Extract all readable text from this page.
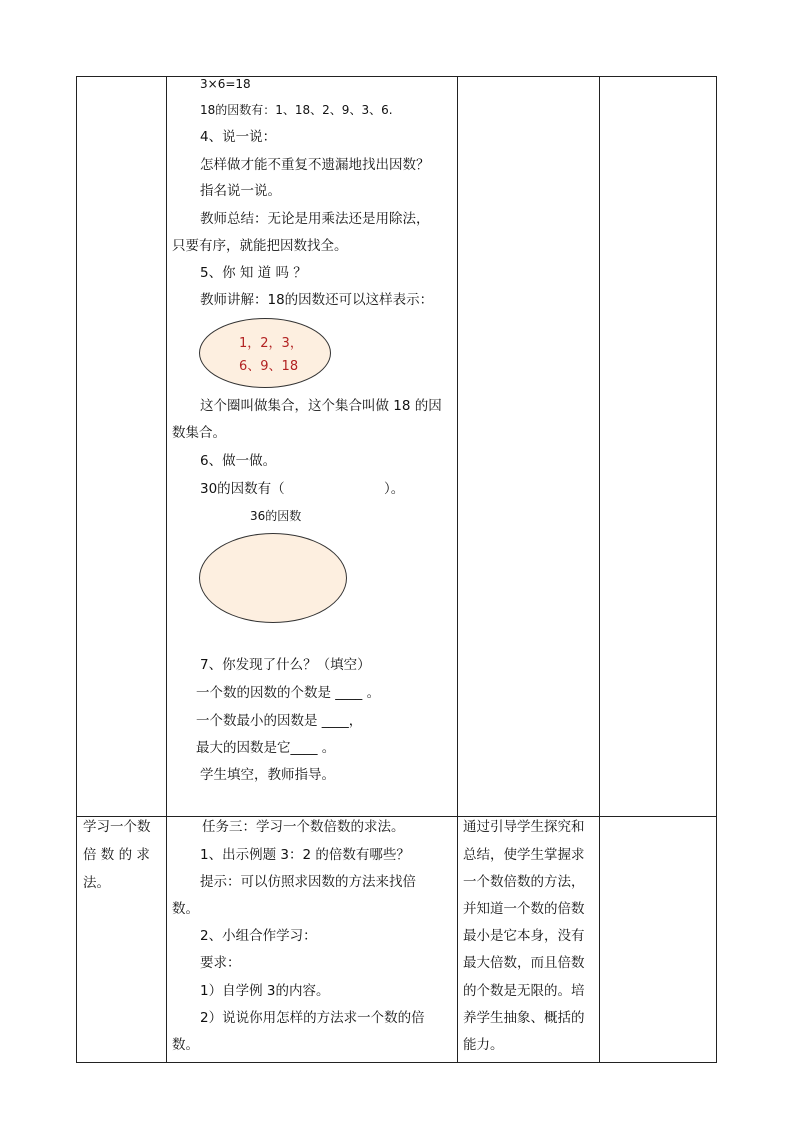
3×6=18
18的因数有：1、18、2、9、3、6.
4、说一说：
怎样做才能不重复不遗漏地找出因数？
指名说一说。
教师总结：无论是用乘法还是用除法，
只要有序，就能把因数找全。
5、你 知 道 吗 ？
教师讲解：18的因数还可以这样表示：
1，2，3，
6、9、18
这个圈叫做集合，这个集合叫做 18 的因
数集合。
6、做一做。
30的因数有（	）。
36的因数
7、你发现了什么？（填空）
一个数的因数的个数是 ____ 。
一个数最小的因数是 ____，
最大的因数是它____ 。
学生填空，教师指导。
学习一个数
倍 数 的 求
法。
任务三：学习一个数倍数的求法。
1、出示例题 3：2 的倍数有哪些？
提示：可以仿照求因数的方法来找倍
数。
2、小组合作学习：
要求：
1）自学例 3的内容。
2）说说你用怎样的方法求一个数的倍
数。
通过引导学生探究和
总结，使学生掌握求
一个数倍数的方法，
并知道一个数的倍数
最小是它本身，没有
最大倍数，而且倍数
的个数是无限的。培
养学生抽象、概括的
能力。
